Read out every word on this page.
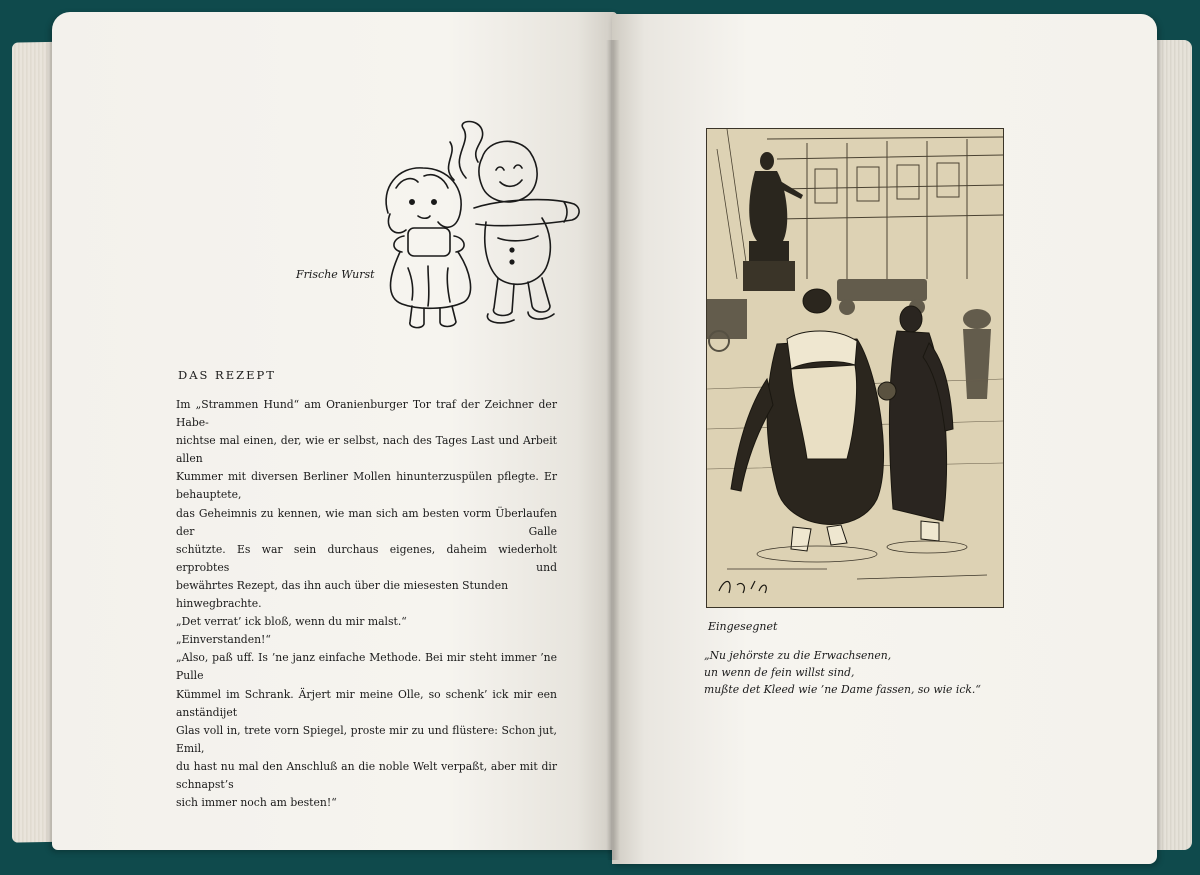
Frische Wurst
DAS REZEPT

Im „Strammen Hund“ am Oranienburger Tor traf der Zeichner der Habe-

nichtse mal einen, der, wie er selbst, nach des Tages Last und Arbeit allen

Kummer mit diversen Berliner Mollen hinunterzuspülen pflegte. Er behauptete,

das Geheimnis zu kennen, wie man sich am besten vorm Überlaufen der Galle

schützte. Es war sein durchaus eigenes, daheim wiederholt erprobtes und

bewährtes Rezept, das ihn auch über die miesesten Stunden hinwegbrachte.

„Det verrat’ ick bloß, wenn du mir malst.“

„Einverstanden!“

„Also, paß uff. Is ’ne janz einfache Methode. Bei mir steht immer ’ne Pulle

Kümmel im Schrank. Ärjert mir meine Olle, so schenk’ ick mir een anständijet

Glas voll in, trete vorn Spiegel, proste mir zu und flüstere: Schon jut, Emil,

du hast nu mal den Anschluß an die noble Welt verpaßt, aber mit dir schnapst’s

sich immer noch am besten!“

Eingesegnet
„Nu jehörste zu die Erwachsenen,
un wenn de fein willst sind,
mußte det Kleed wie ’ne Dame fassen, so wie ick.“
